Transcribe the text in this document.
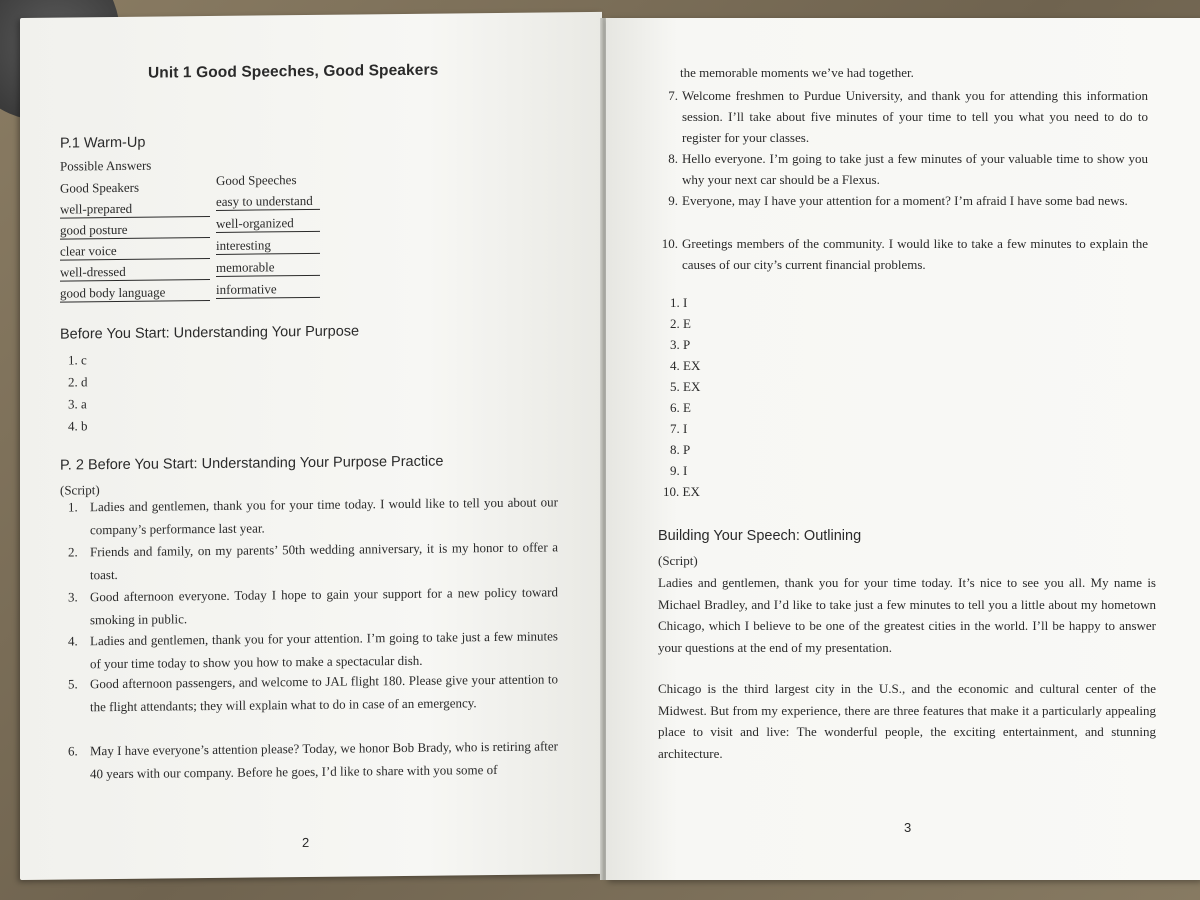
Unit 1 Good Speeches, Good Speakers
P.1 Warm-Up
Possible Answers
Good Speakers	Good Speeches
well-prepared
good posture
clear voice
well-dressed
good body language
easy to understand
well-organized
interesting
memorable
informative
Before You Start: Understanding Your Purpose
1. c
2. d
3. a
4. b
P. 2 Before You Start: Understanding Your Purpose Practice
(Script)
1. Ladies and gentlemen, thank you for your time today. I would like to tell you about our company’s performance last year.
2. Friends and family, on my parents’ 50th wedding anniversary, it is my honor to offer a toast.
3. Good afternoon everyone. Today I hope to gain your support for a new policy toward smoking in public.
4. Ladies and gentlemen, thank you for your attention. I’m going to take just a few minutes of your time today to show you how to make a spectacular dish.
5. Good afternoon passengers, and welcome to JAL flight 180. Please give your attention to the flight attendants; they will explain what to do in case of an emergency.
6. May I have everyone’s attention please? Today, we honor Bob Brady, who is retiring after 40 years with our company. Before he goes, I’d like to share with you some of
2
the memorable moments we’ve had together.
7. Welcome freshmen to Purdue University, and thank you for attending this information session. I’ll take about five minutes of your time to tell you what you need to do to register for your classes.
8. Hello everyone. I’m going to take just a few minutes of your valuable time to show you why your next car should be a Flexus.
9. Everyone, may I have your attention for a moment? I’m afraid I have some bad news.
10. Greetings members of the community. I would like to take a few minutes to explain the causes of our city’s current financial problems.
1. I
2. E
3. P
4. EX
5. EX
6. E
7. I
8. P
9. I
10. EX
Building Your Speech: Outlining
(Script)
Ladies and gentlemen, thank you for your time today. It’s nice to see you all. My name is Michael Bradley, and I’d like to take just a few minutes to tell you a little about my hometown Chicago, which I believe to be one of the greatest cities in the world. I’ll be happy to answer your questions at the end of my presentation.
Chicago is the third largest city in the U.S., and the economic and cultural center of the Midwest. But from my experience, there are three features that make it a particularly appealing place to visit and live: The wonderful people, the exciting entertainment, and stunning architecture.
3
